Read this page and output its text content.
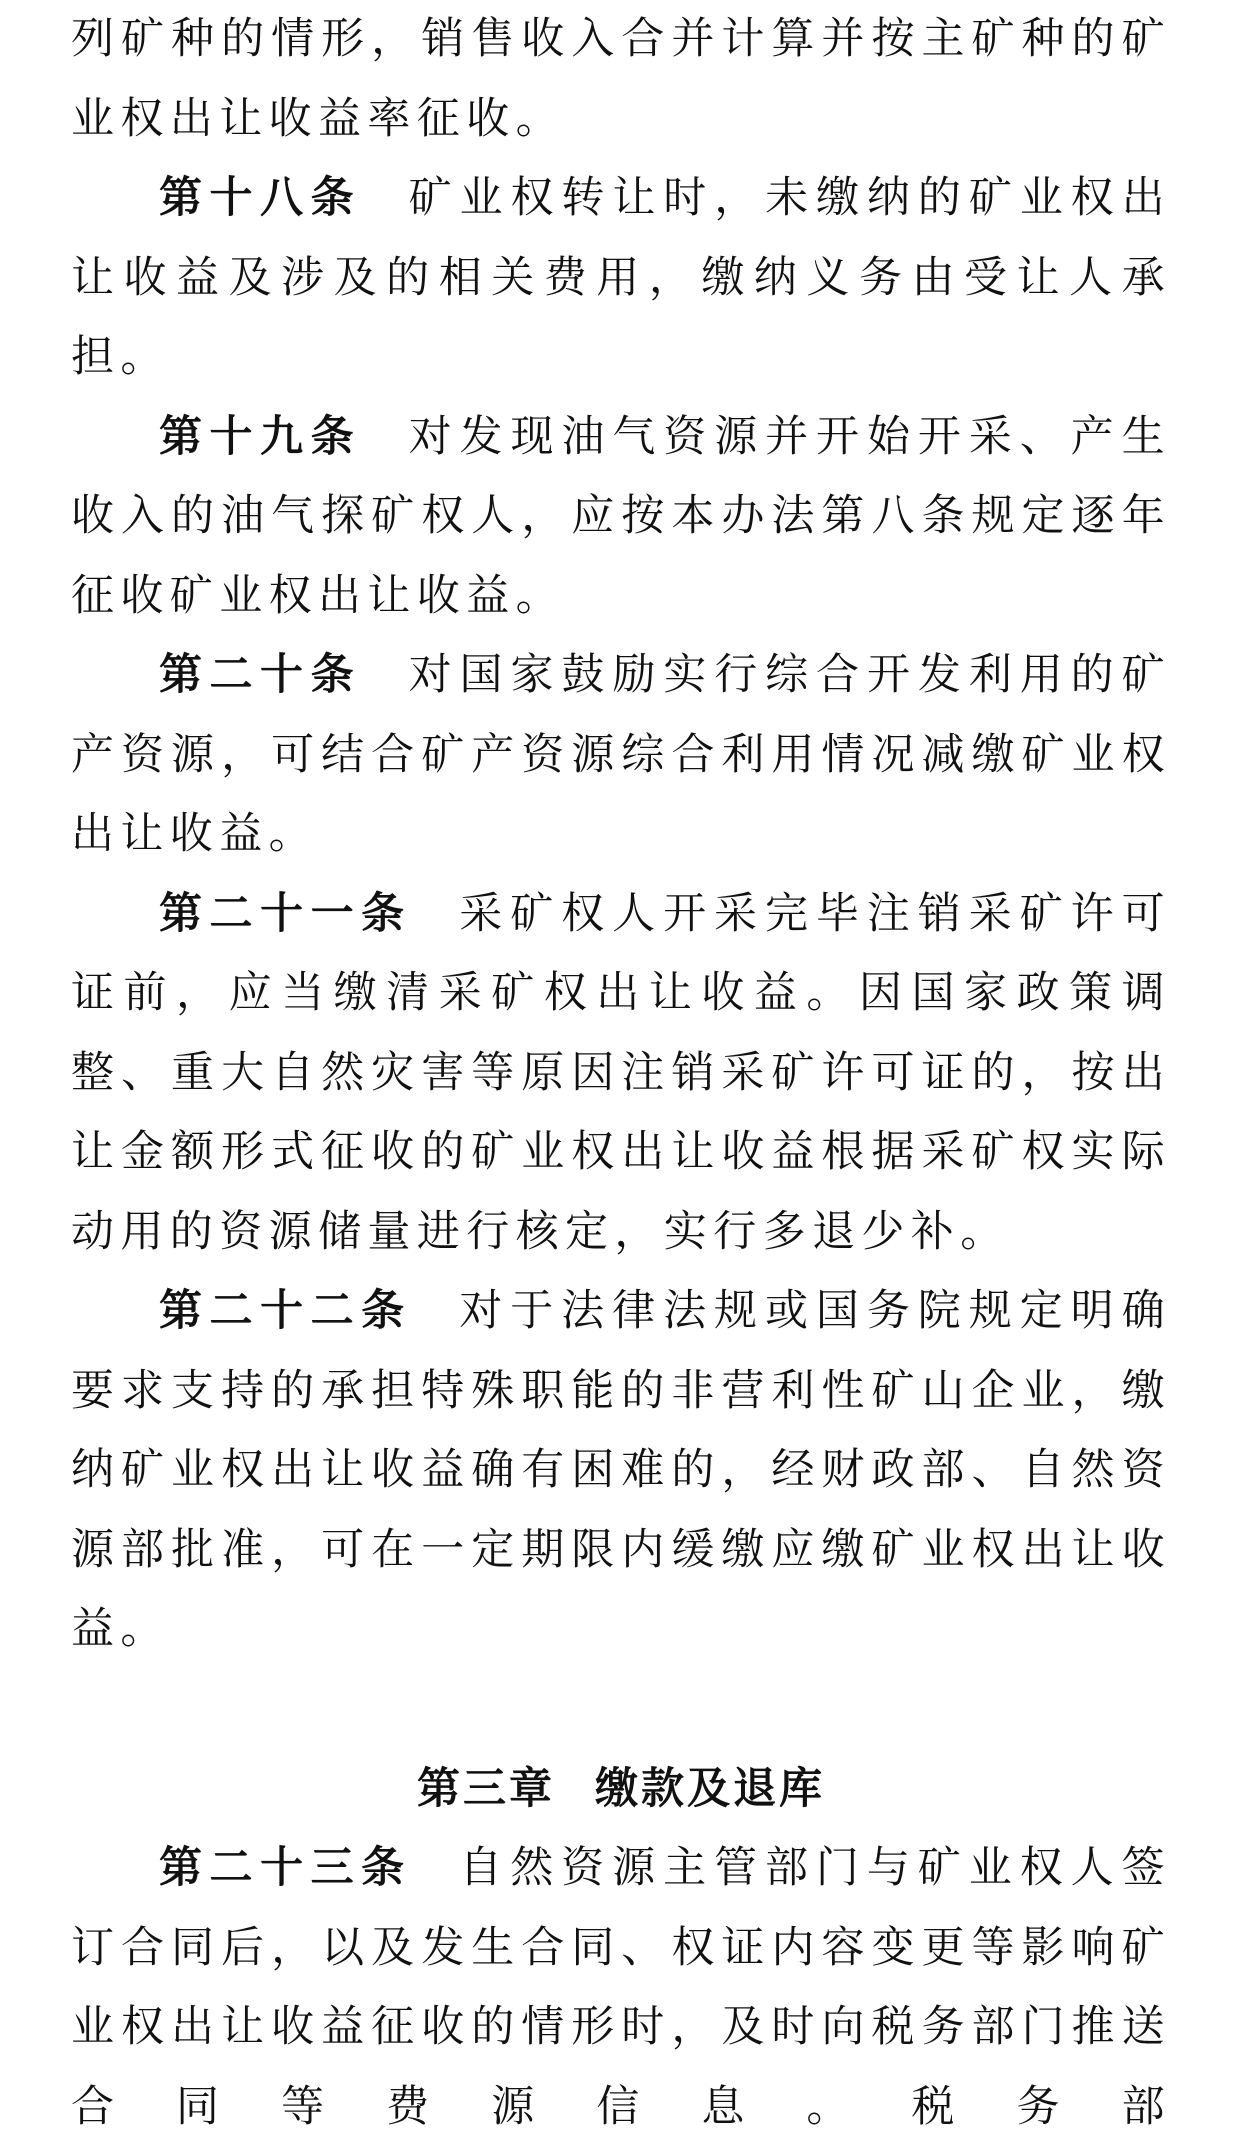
列矿种的情形，销售收入合并计算并按主矿种的矿业权出让收益率征收。

第十八条 矿业权转让时，未缴纳的矿业权出让收益及涉及的相关费用，缴纳义务由受让人承担。

第十九条 对发现油气资源并开始开采、产生收入的油气探矿权人，应按本办法第八条规定逐年征收矿业权出让收益。

第二十条 对国家鼓励实行综合开发利用的矿产资源，可结合矿产资源综合利用情况减缴矿业权出让收益。

第二十一条 采矿权人开采完毕注销采矿许可证前，应当缴清采矿权出让收益。因国家政策调整、重大自然灾害等原因注销采矿许可证的，按出让金额形式征收的矿业权出让收益根据采矿权实际动用的资源储量进行核定，实行多退少补。

第二十二条 对于法律法规或国务院规定明确要求支持的承担特殊职能的非营利性矿山企业，缴纳矿业权出让收益确有困难的，经财政部、自然资源部批准，可在一定期限内缓缴应缴矿业权出让收益。

第三章 缴款及退库

第二十三条 自然资源主管部门与矿业权人签订合同后，以及发生合同、权证内容变更等影响矿业权出让收益征收的情形时，及时向税务部门推送合同等费源信息。税务部
